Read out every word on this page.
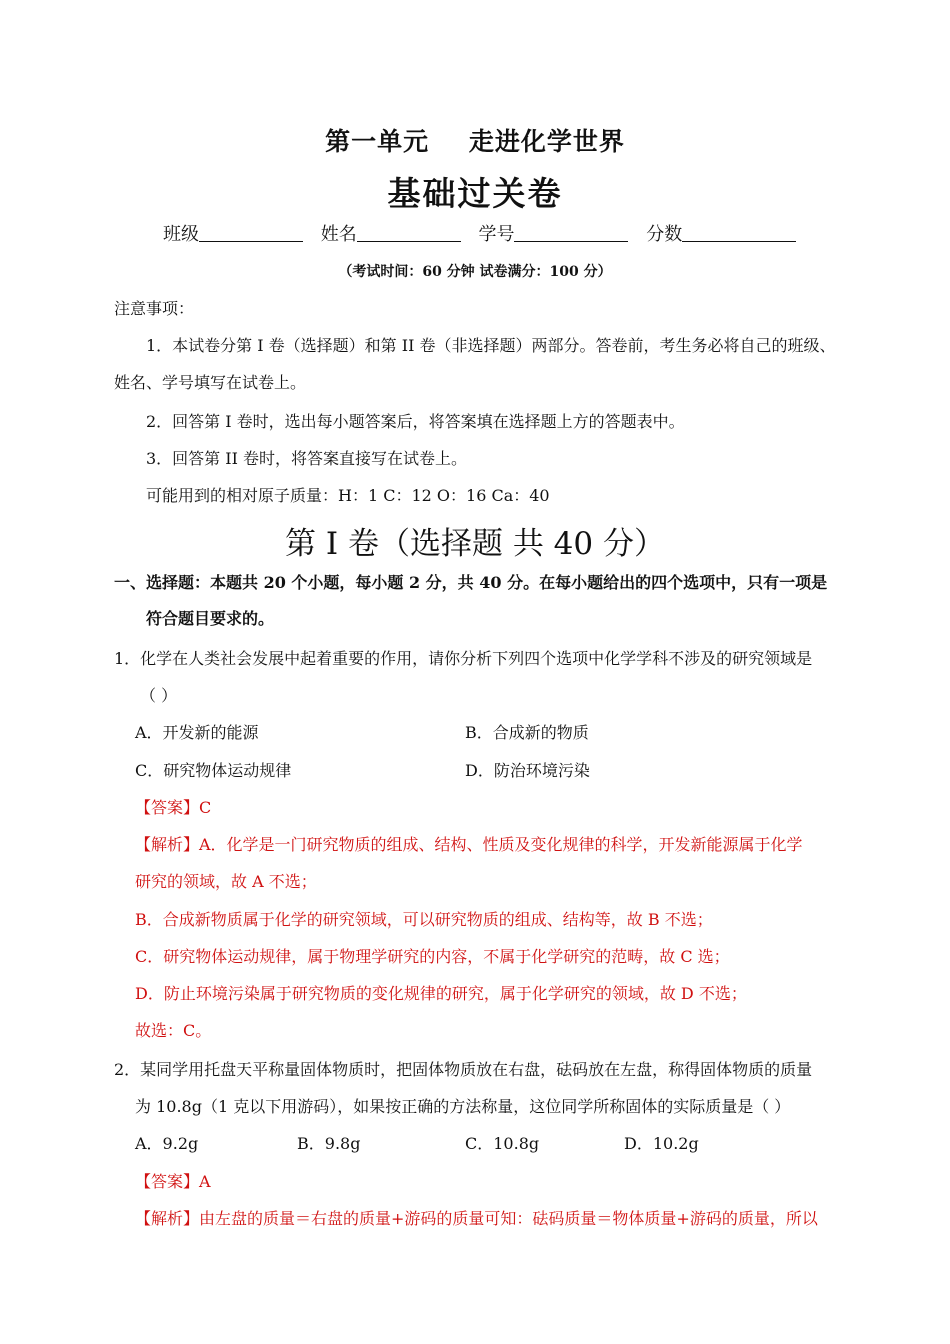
第一单元 走进化学世界
基础过关卷
班级	姓名	学号	分数
（考试时间：60 分钟 试卷满分：100 分）
注意事项：
1．本试卷分第 I 卷（选择题）和第 II 卷（非选择题）两部分。答卷前，考生务必将自己的班级、
姓名、学号填写在试卷上。
2．回答第 I 卷时，选出每小题答案后，将答案填在选择题上方的答题表中。
3．回答第 II 卷时，将答案直接写在试卷上。
可能用到的相对原子质量：H：1 C：12 O：16 Ca：40
第 I 卷（选择题 共 40 分）
一、选择题：本题共 20 个小题，每小题 2 分，共 40 分。在每小题给出的四个选项中，只有一项是
符合题目要求的。
1．化学在人类社会发展中起着重要的作用，请你分析下列四个选项中化学学科不涉及的研究领域是
（ ）
A．开发新的能源	B．合成新的物质
C．研究物体运动规律	D．防治环境污染
【答案】C
【解析】A．化学是一门研究物质的组成、结构、性质及变化规律的科学，开发新能源属于化学
研究的领域，故 A 不选；
B．合成新物质属于化学的研究领域，可以研究物质的组成、结构等，故 B 不选；
C．研究物体运动规律，属于物理学研究的内容，不属于化学研究的范畴，故 C 选；
D．防止环境污染属于研究物质的变化规律的研究，属于化学研究的领域，故 D 不选；
故选：C。
2．某同学用托盘天平称量固体物质时，把固体物质放在右盘，砝码放在左盘，称得固体物质的质量
为 10.8g（1 克以下用游码），如果按正确的方法称量，这位同学所称固体的实际质量是（ ）
A．9.2g	B．9.8g	C．10.8g	D．10.2g
【答案】A
【解析】由左盘的质量＝右盘的质量+游码的质量可知：砝码质量＝物体质量+游码的质量，所以
